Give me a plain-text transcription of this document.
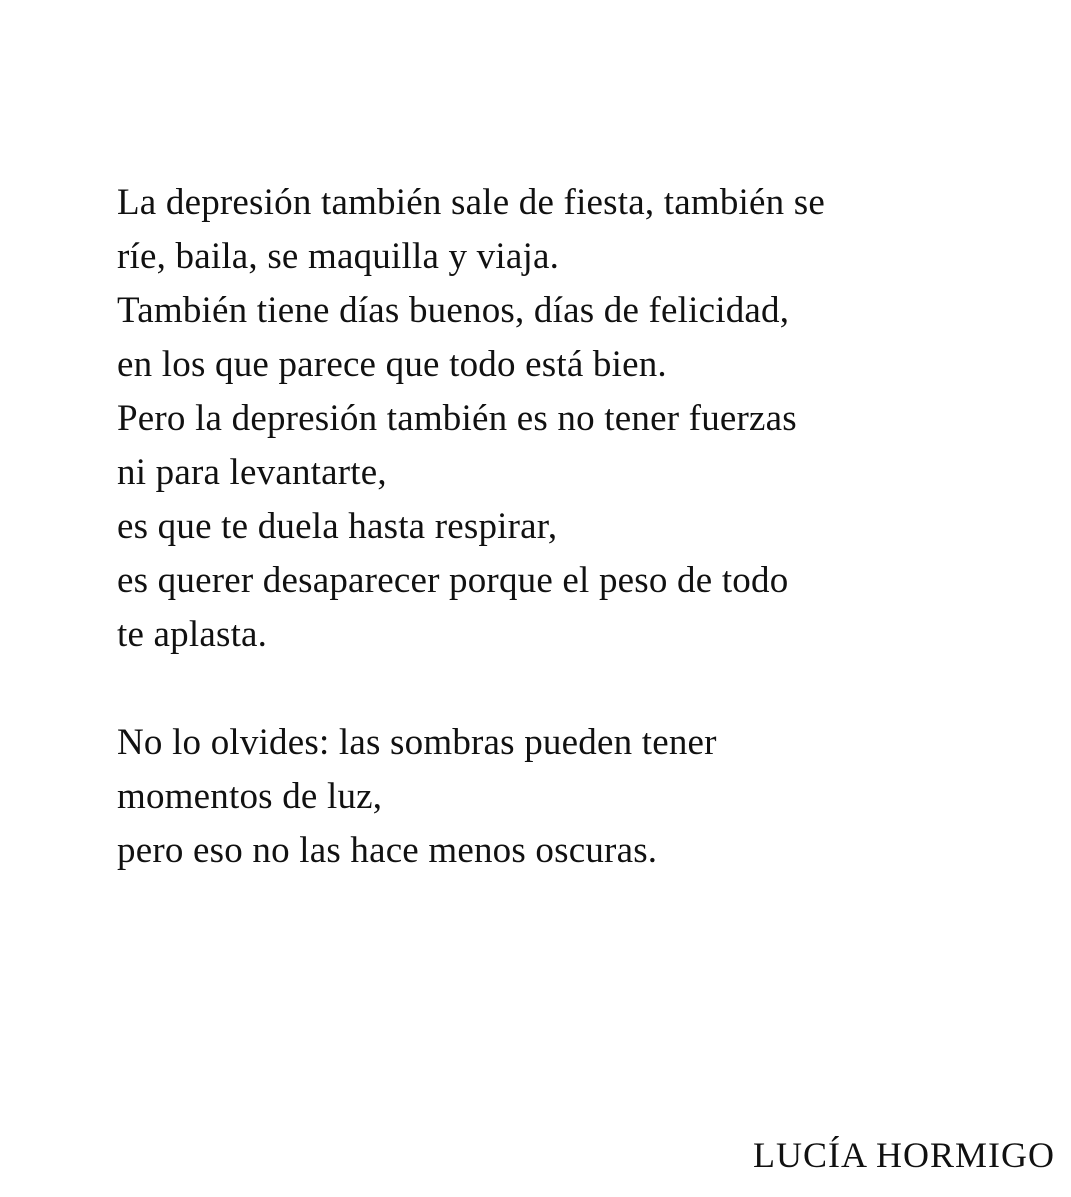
La depresión también sale de fiesta, también se
ríe, baila, se maquilla y viaja.
También tiene días buenos, días de felicidad,
en los que parece que todo está bien.
Pero la depresión también es no tener fuerzas
ni para levantarte,
es que te duela hasta respirar,
es querer desaparecer porque el peso de todo
te aplasta.

No lo olvides: las sombras pueden tener
momentos de luz,
pero eso no las hace menos oscuras.

LUCÍA HORMIGO
